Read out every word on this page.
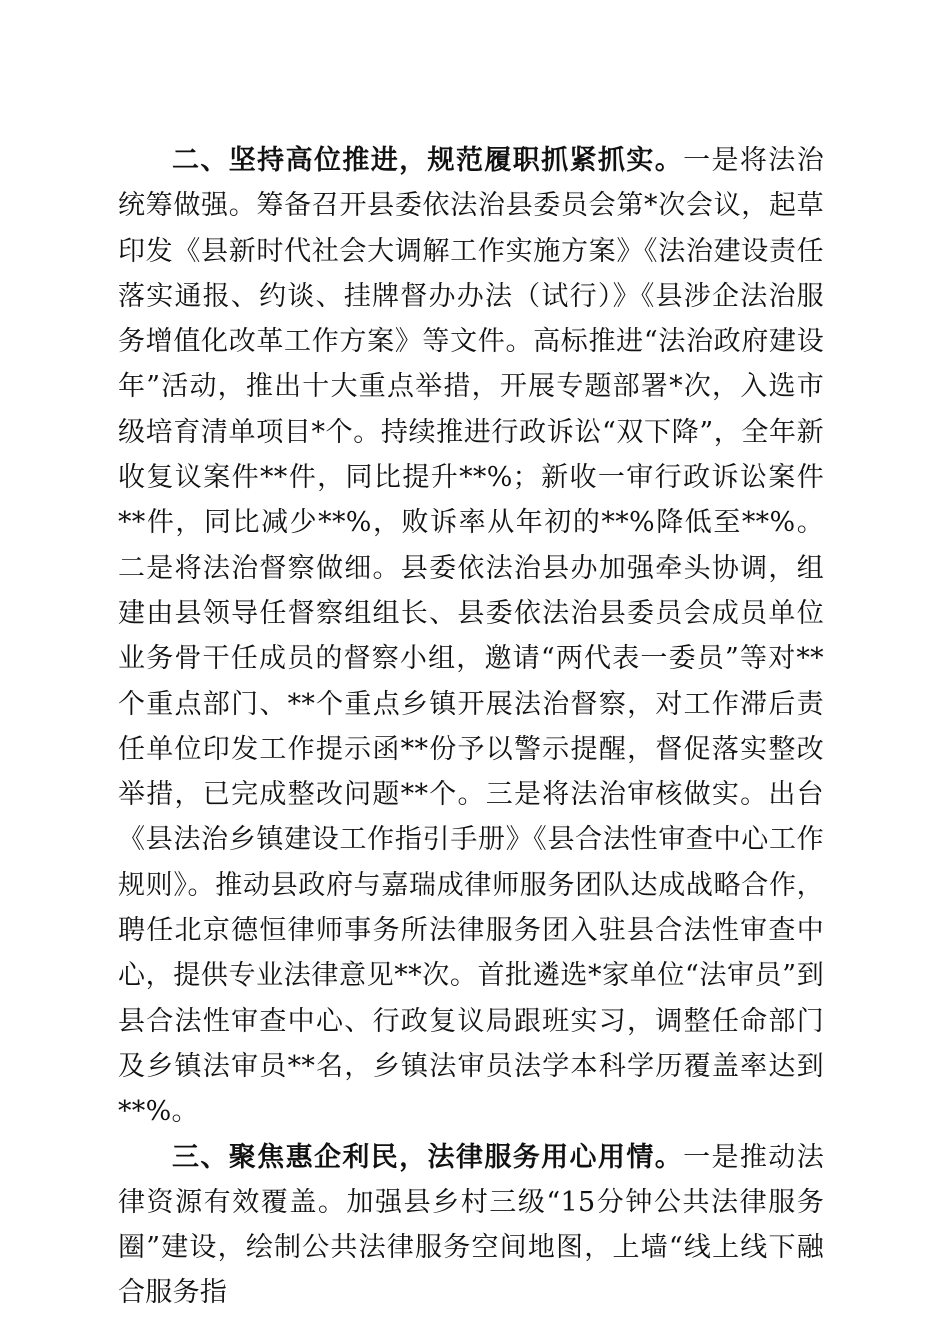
二、坚持高位推进，规范履职抓紧抓实。一是将法治统筹做强。筹备召开县委依法治县委员会第*次会议，起草印发《县新时代社会大调解工作实施方案》《法治建设责任落实通报、约谈、挂牌督办办法（试行）》《县涉企法治服务增值化改革工作方案》等文件。高标推进“法治政府建设年”活动，推出十大重点举措，开展专题部署*次，入选市级培育清单项目*个。持续推进行政诉讼“双下降”，全年新收复议案件**件，同比提升**%；新收一审行政诉讼案件**件，同比减少**%，败诉率从年初的**%降低至**%。二是将法治督察做细。县委依法治县办加强牵头协调，组建由县领导任督察组组长、县委依法治县委员会成员单位业务骨干任成员的督察小组，邀请“两代表一委员”等对**个重点部门、**个重点乡镇开展法治督察，对工作滞后责任单位印发工作提示函**份予以警示提醒，督促落实整改举措，已完成整改问题**个。三是将法治审核做实。出台《县法治乡镇建设工作指引手册》《县合法性审查中心工作规则》。推动县政府与嘉瑞成律师服务团队达成战略合作，聘任北京德恒律师事务所法律服务团入驻县合法性审查中心，提供专业法律意见**次。首批遴选*家单位“法审员”到县合法性审查中心、行政复议局跟班实习，调整任命部门及乡镇法审员**名，乡镇法审员法学本科学历覆盖率达到**%。

三、聚焦惠企利民，法律服务用心用情。一是推动法律资源有效覆盖。加强县乡村三级“15分钟公共法律服务圈”建设，绘制公共法律服务空间地图，上墙“线上线下融合服务指
